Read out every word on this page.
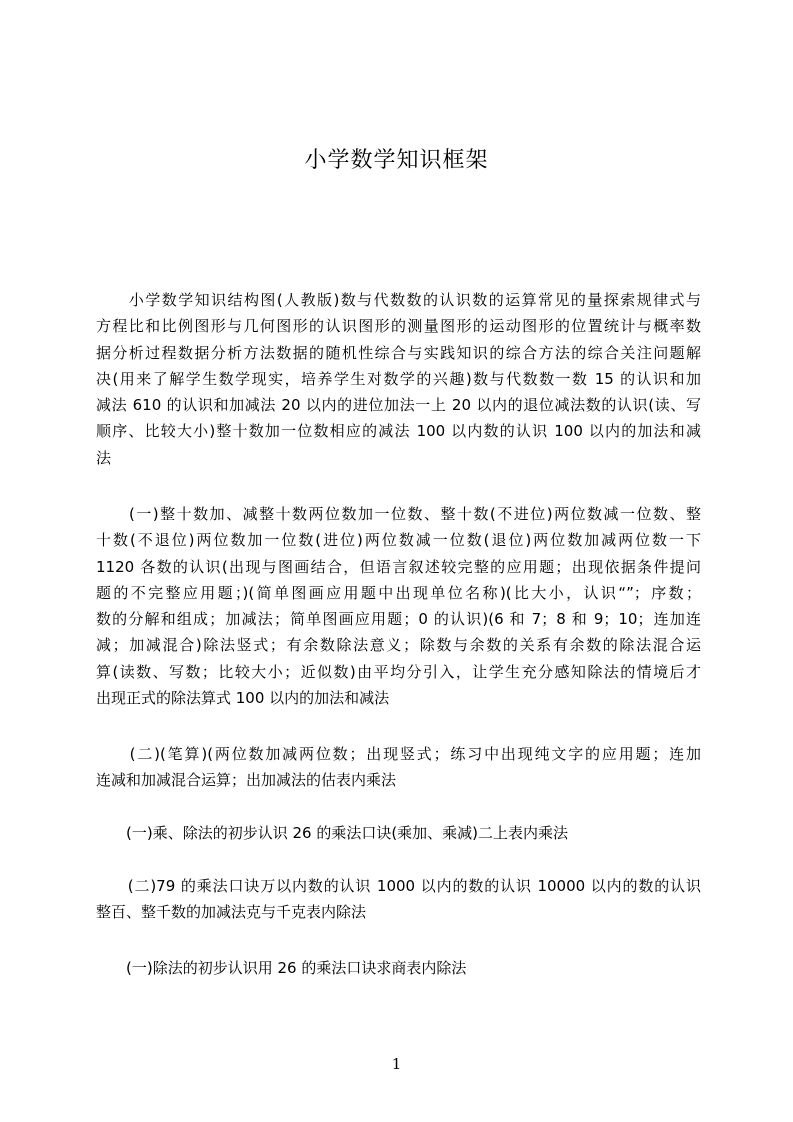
小学数学知识框架
　　小学数学知识结构图(人教版)数与代数数的认识数的运算常见的量探索规律式与
方程比和比例图形与几何图形的认识图形的测量图形的运动图形的位置统计与概率数
据分析过程数据分析方法数据的随机性综合与实践知识的综合方法的综合关注问题解
决(用来了解学生数学现实，培养学生对数学的兴趣)数与代数数一数 15 的认识和加
减法 610 的认识和加减法 20 以内的进位加法一上 20 以内的退位减法数的认识(读、写
顺序、比较大小)整十数加一位数相应的减法 100 以内数的认识 100 以内的加法和减
法
　　(一)整十数加、减整十数两位数加一位数、整十数(不进位)两位数减一位数、整
十数(不退位)两位数加一位数(进位)两位数减一位数(退位)两位数加减两位数一下
1120 各数的认识(出现与图画结合，但语言叙述较完整的应用题；出现依据条件提问
题的不完整应用题；)(简单图画应用题中出现单位名称)(比大小，认识“”；序数；
数的分解和组成；加减法；简单图画应用题；0 的认识)(6 和 7；8 和 9；10；连加连
减；加减混合)除法竖式；有余数除法意义；除数与余数的关系有余数的除法混合运
算(读数、写数；比较大小；近似数)由平均分引入，让学生充分感知除法的情境后才
出现正式的除法算式 100 以内的加法和减法
　　(二)(笔算)(两位数加减两位数；出现竖式；练习中出现纯文字的应用题；连加
连减和加减混合运算；出加减法的估表内乘法
　　(一)乘、除法的初步认识 26 的乘法口诀(乘加、乘减)二上表内乘法
　　(二)79 的乘法口诀万以内数的认识 1000 以内的数的认识 10000 以内的数的认识
整百、整千数的加减法克与千克表内除法
　　(一)除法的初步认识用 26 的乘法口诀求商表内除法
1
